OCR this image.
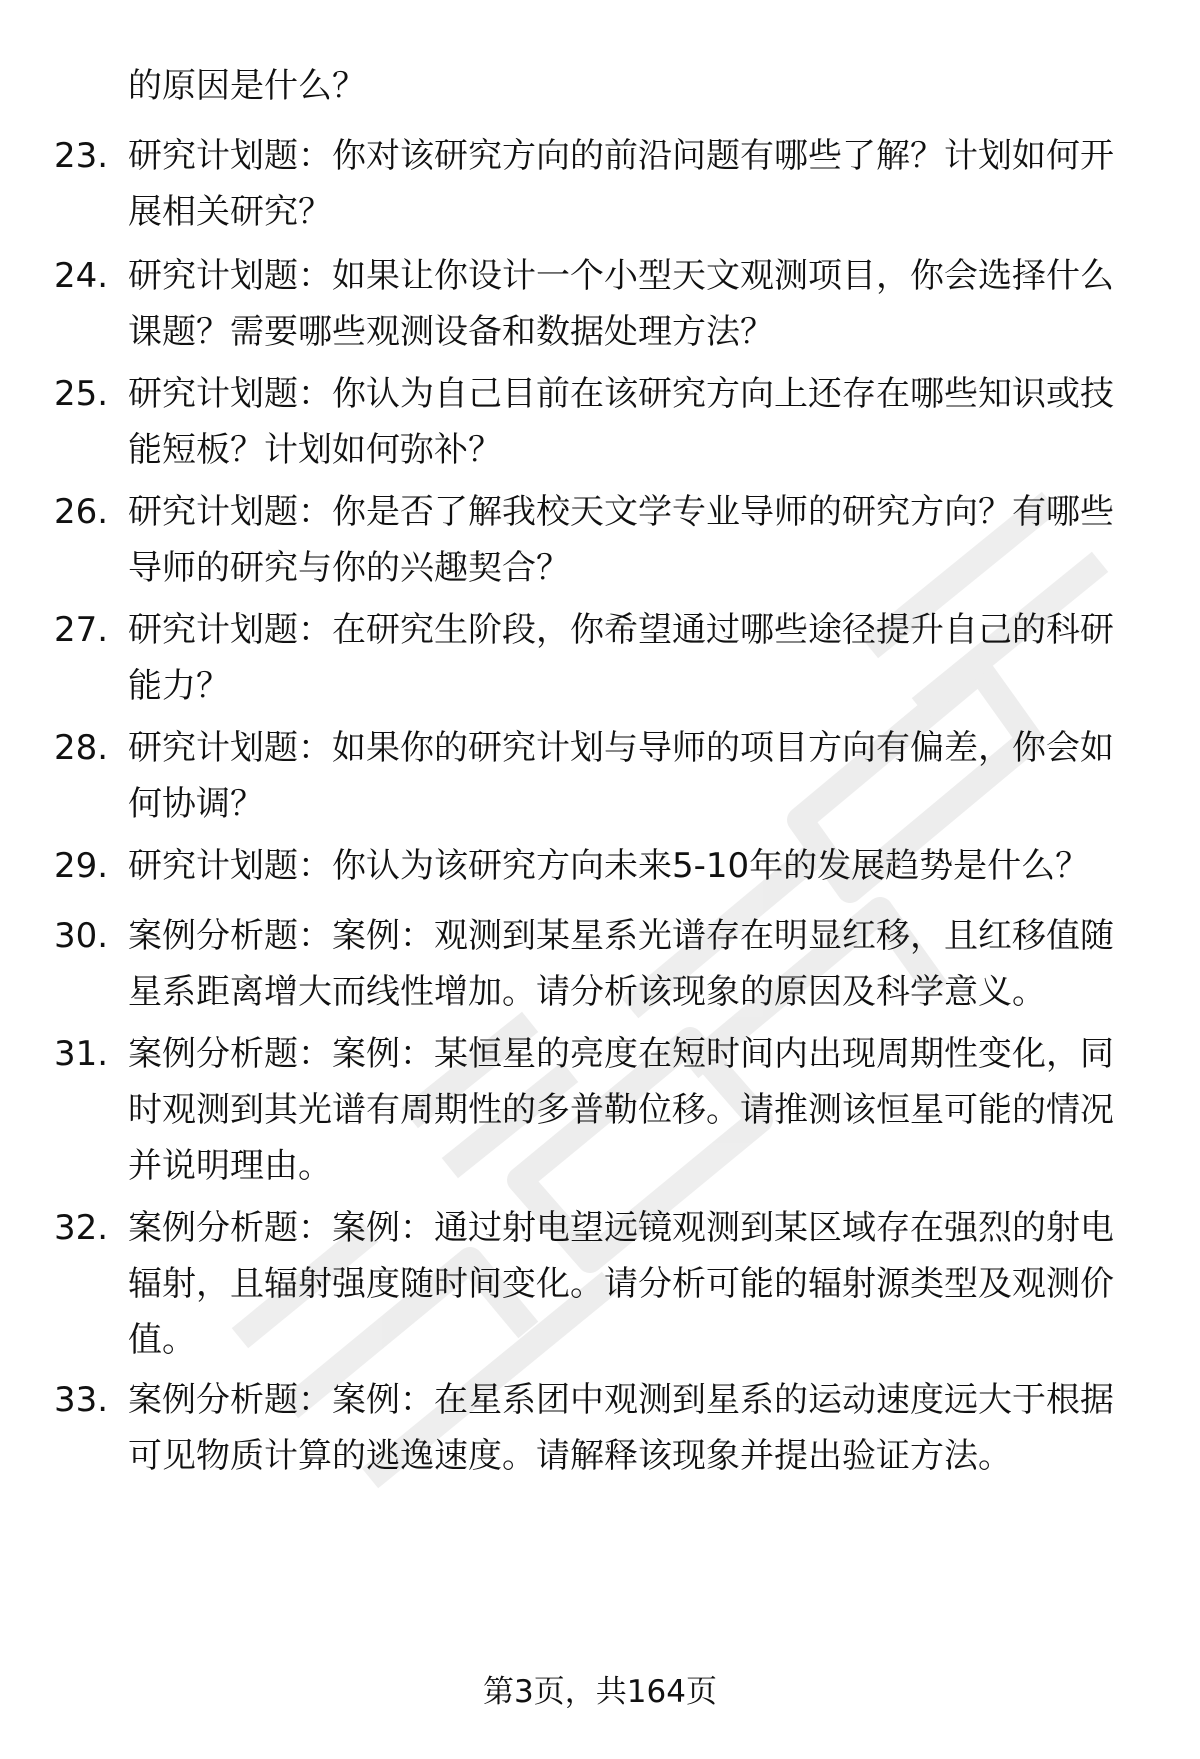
的原因是什么？
23. 研究计划题：你对该研究方向的前沿问题有哪些了解？计划如何开展相关研究？
24. 研究计划题：如果让你设计一个小型天文观测项目，你会选择什么课题？需要哪些观测设备和数据处理方法？
25. 研究计划题：你认为自己目前在该研究方向上还存在哪些知识或技能短板？计划如何弥补？
26. 研究计划题：你是否了解我校天文学专业导师的研究方向？有哪些导师的研究与你的兴趣契合？
27. 研究计划题：在研究生阶段，你希望通过哪些途径提升自己的科研能力？
28. 研究计划题：如果你的研究计划与导师的项目方向有偏差，你会如何协调？
29. 研究计划题：你认为该研究方向未来5-10年的发展趋势是什么？
30. 案例分析题：案例：观测到某星系光谱存在明显红移，且红移值随星系距离增大而线性增加。请分析该现象的原因及科学意义。
31. 案例分析题：案例：某恒星的亮度在短时间内出现周期性变化，同时观测到其光谱有周期性的多普勒位移。请推测该恒星可能的情况并说明理由。
32. 案例分析题：案例：通过射电望远镜观测到某区域存在强烈的射电辐射，且辐射强度随时间变化。请分析可能的辐射源类型及观测价值。
33. 案例分析题：案例：在星系团中观测到星系的运动速度远大于根据可见物质计算的逃逸速度。请解释该现象并提出验证方法。
第3页，共164页
